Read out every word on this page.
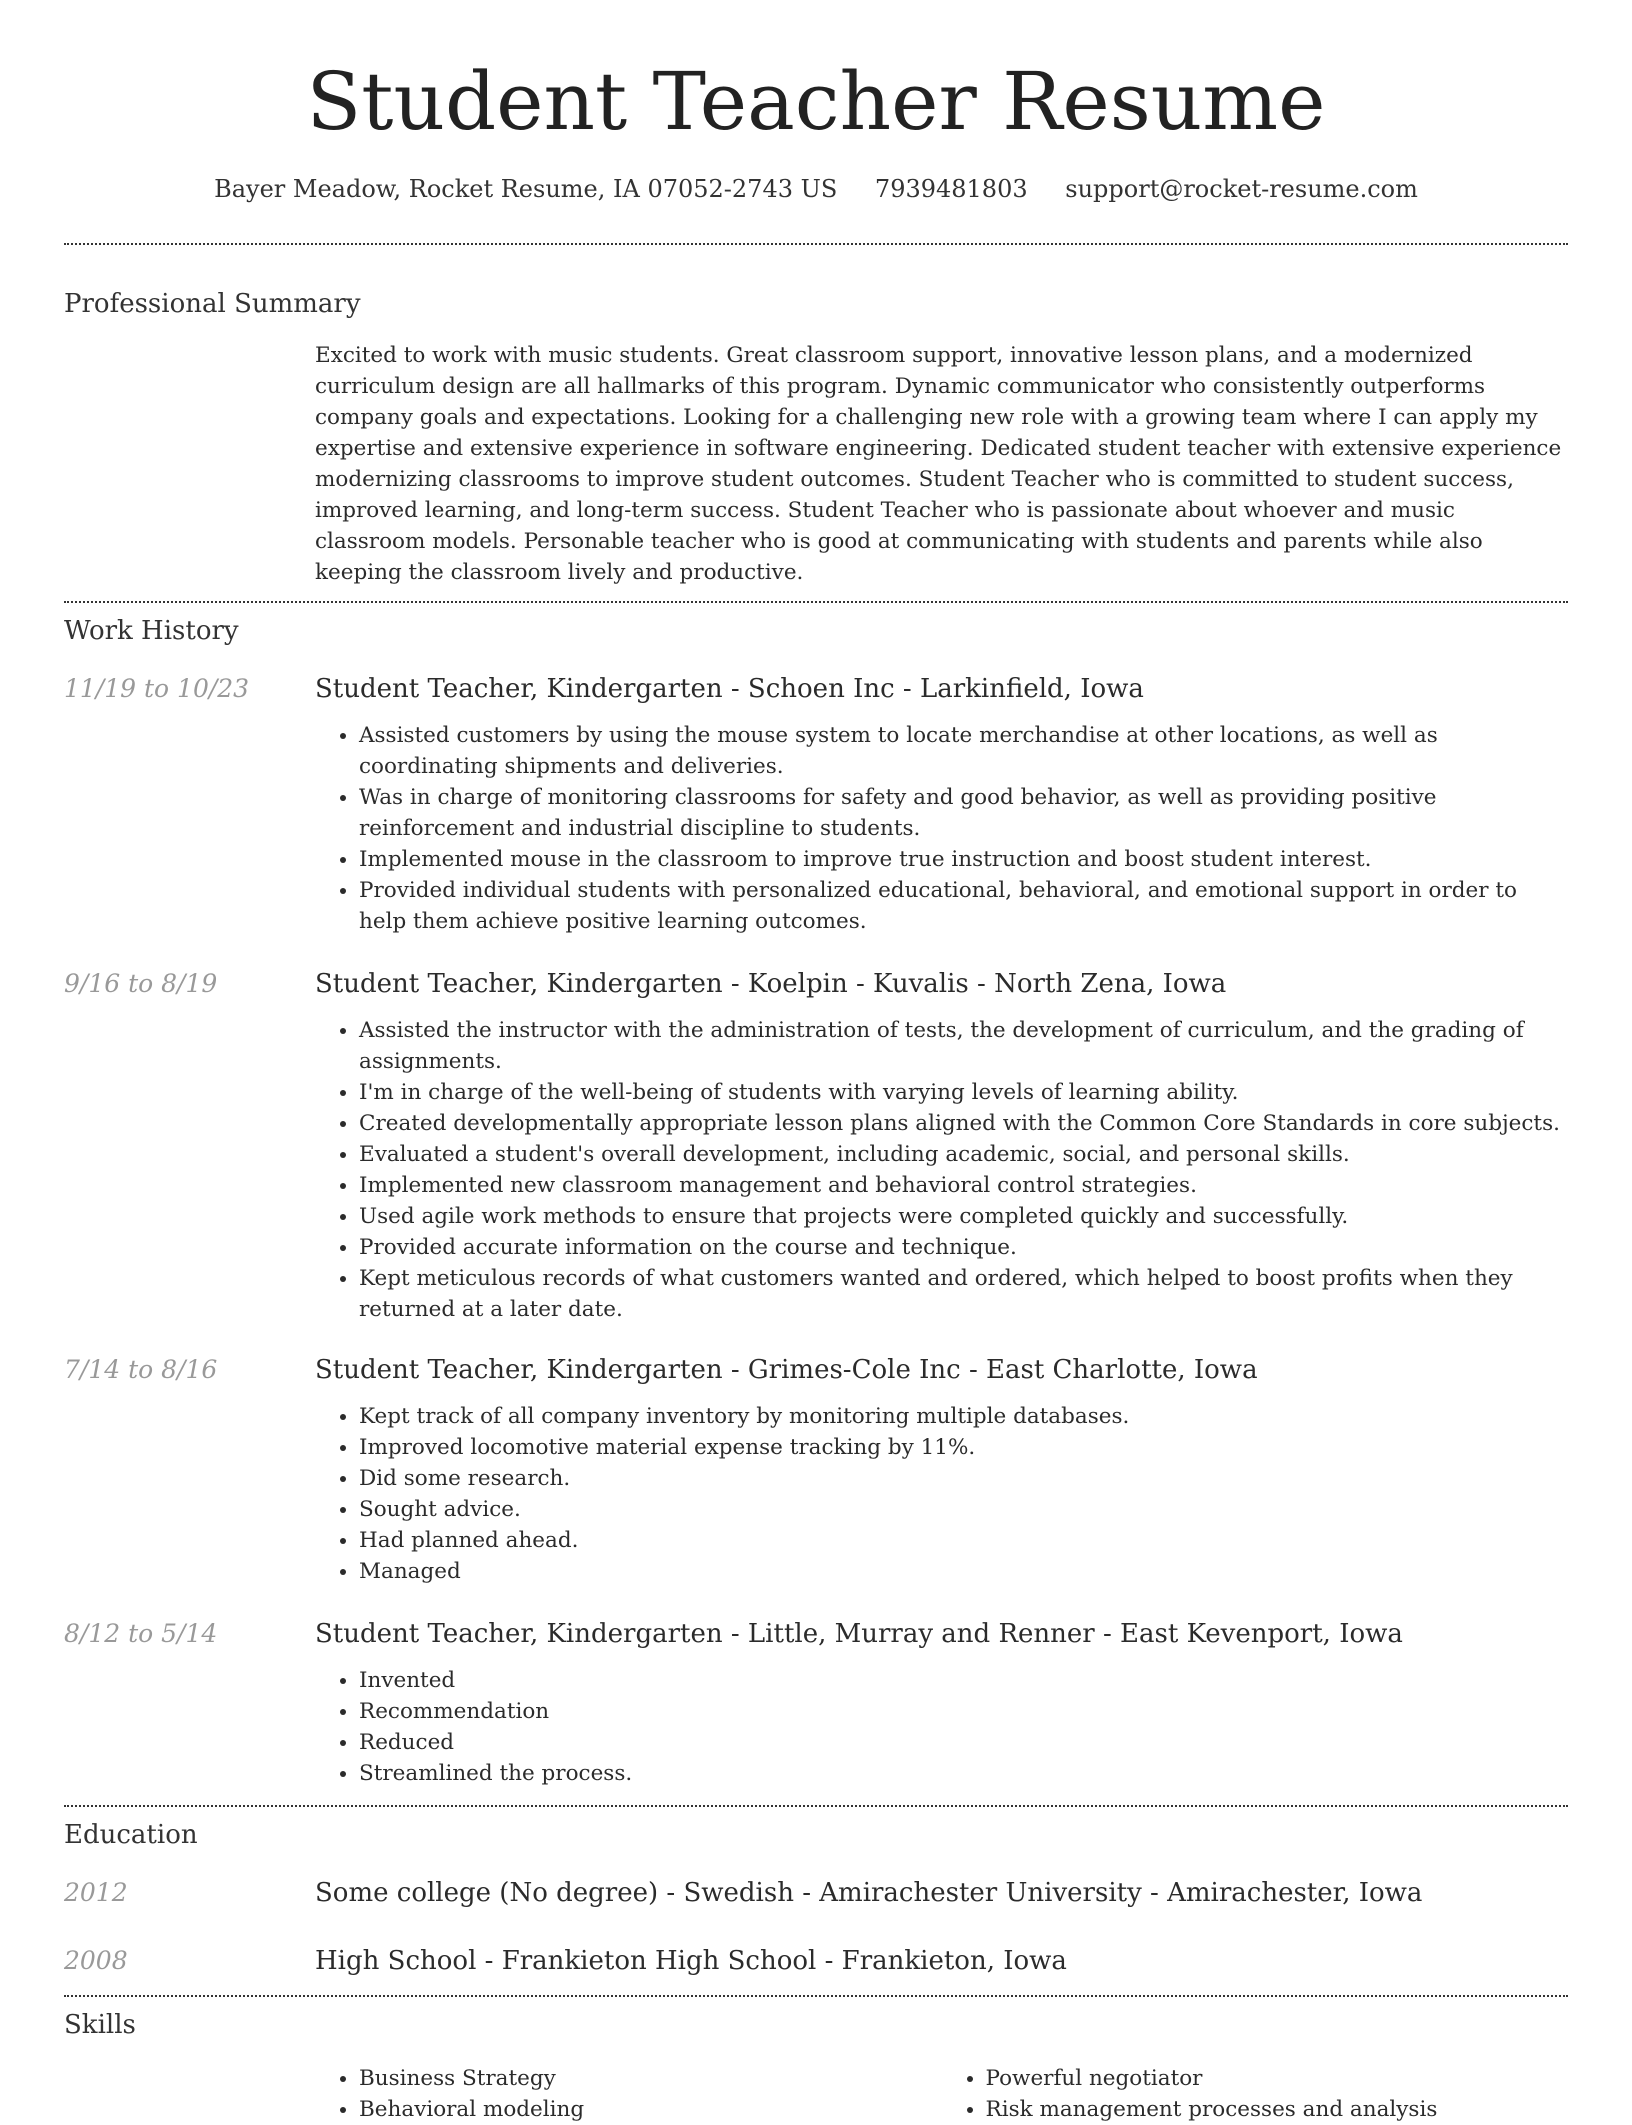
Student Teacher Resume
Bayer Meadow, Rocket Resume, IA 07052-2743 US 7939481803 support@rocket-resume.com
Professional Summary

Excited to work with music students. Great classroom support, innovative lesson plans, and a modernized curriculum design are all hallmarks of this program. Dynamic communicator who consistently outperforms company goals and expectations. Looking for a challenging new role with a growing team where I can apply my expertise and extensive experience in software engineering. Dedicated student teacher with extensive experience modernizing classrooms to improve student outcomes. Student Teacher who is committed to student success, improved learning, and long-term success. Student Teacher who is passionate about whoever and music classroom models. Personable teacher who is good at communicating with students and parents while also keeping the classroom lively and productive.

Work History
11/19 to 10/23	Student Teacher, Kindergarten - Schoen Inc - Larkinfield, Iowa
• Assisted customers by using the mouse system to locate merchandise at other locations, as well as coordinating shipments and deliveries.
• Was in charge of monitoring classrooms for safety and good behavior, as well as providing positive reinforcement and industrial discipline to students.
• Implemented mouse in the classroom to improve true instruction and boost student interest.
• Provided individual students with personalized educational, behavioral, and emotional support in order to help them achieve positive learning outcomes.
9/16 to 8/19	Student Teacher, Kindergarten - Koelpin - Kuvalis - North Zena, Iowa
• Assisted the instructor with the administration of tests, the development of curriculum, and the grading of assignments.
• I'm in charge of the well-being of students with varying levels of learning ability.
• Created developmentally appropriate lesson plans aligned with the Common Core Standards in core subjects.
• Evaluated a student's overall development, including academic, social, and personal skills.
• Implemented new classroom management and behavioral control strategies.
• Used agile work methods to ensure that projects were completed quickly and successfully.
• Provided accurate information on the course and technique.
• Kept meticulous records of what customers wanted and ordered, which helped to boost profits when they returned at a later date.
7/14 to 8/16	Student Teacher, Kindergarten - Grimes-Cole Inc - East Charlotte, Iowa
• Kept track of all company inventory by monitoring multiple databases.
• Improved locomotive material expense tracking by 11%.
• Did some research.
• Sought advice.
• Had planned ahead.
• Managed
8/12 to 5/14	Student Teacher, Kindergarten - Little, Murray and Renner - East Kevenport, Iowa
• Invented
• Recommendation
• Reduced
• Streamlined the process.
Education
2012	Some college (No degree) - Swedish - Amirachester University - Amirachester, Iowa
2008	High School - Frankieton High School - Frankieton, Iowa
Skills
• Business Strategy
• Behavioral modeling
• Powerful negotiator
• Risk management processes and analysis
